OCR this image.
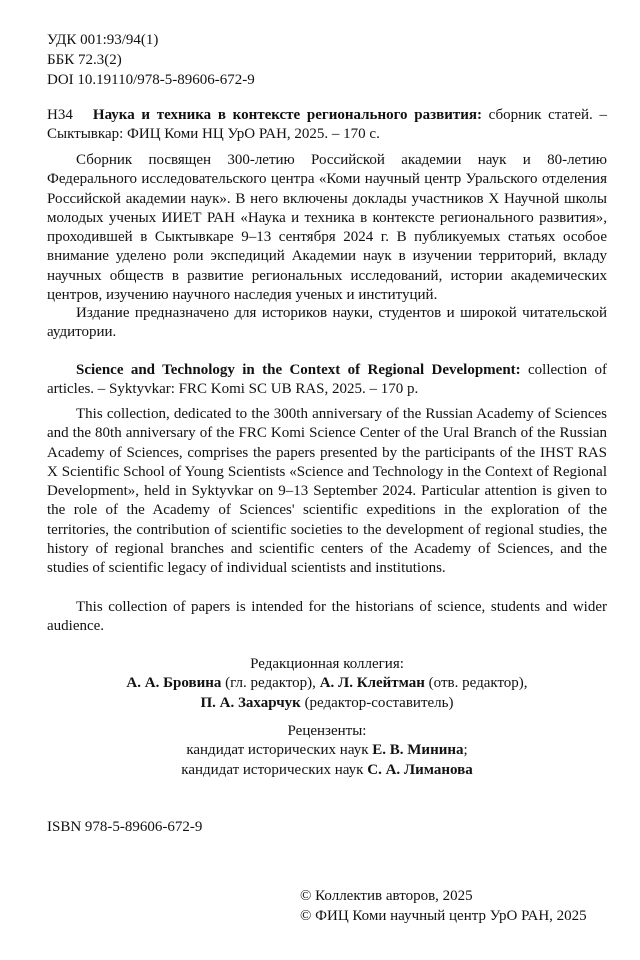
УДК 001:93/94(1)
ББК 72.3(2)
DOI 10.19110/978-5-89606-672-9
Н34 Наука и техника в контексте регионального развития: сборник статей. – Сыктывкар: ФИЦ Коми НЦ УрО РАН, 2025. – 170 с.
Сборник посвящен 300-летию Российской академии наук и 80-летию Федерального исследовательского центра «Коми научный центр Уральского отделения Российской академии наук». В него включены доклады участников X Научной школы молодых ученых ИИЕТ РАН «Наука и техника в контексте регионального развития», проходившей в Сыктывкаре 9–13 сентября 2024 г. В публикуемых статьях особое внимание уделено роли экспедиций Академии наук в изучении территорий, вкладу научных обществ в развитие региональных исследований, истории академических центров, изучению научного наследия ученых и институций.
Издание предназначено для историков науки, студентов и широкой читательской аудитории.
Science and Technology in the Context of Regional Development: collection of articles. – Syktyvkar: FRC Komi SC UB RAS, 2025. – 170 p.
This collection, dedicated to the 300th anniversary of the Russian Academy of Sciences and the 80th anniversary of the FRC Komi Science Center of the Ural Branch of the Russian Academy of Sciences, comprises the papers presented by the participants of the IHST RAS X Scientific School of Young Scientists «Science and Technology in the Context of Regional Development», held in Syktyvkar on 9–13 September 2024. Particular attention is given to the role of the Academy of Sciences' scientific expeditions in the exploration of the territories, the contribution of scientific societies to the development of regional studies, the history of regional branches and scientific centers of the Academy of Sciences, and the studies of scientific legacy of individual scientists and institutions.
This collection of papers is intended for the historians of science, students and wider audience.
Редакционная коллегия:
А. А. Бровина (гл. редактор), А. Л. Клейтман (отв. редактор),
П. А. Захарчук (редактор-составитель)
Рецензенты:
кандидат исторических наук Е. В. Минина;
кандидат исторических наук С. А. Лиманова
ISBN 978-5-89606-672-9
© Коллектив авторов, 2025
© ФИЦ Коми научный центр УрО РАН, 2025
